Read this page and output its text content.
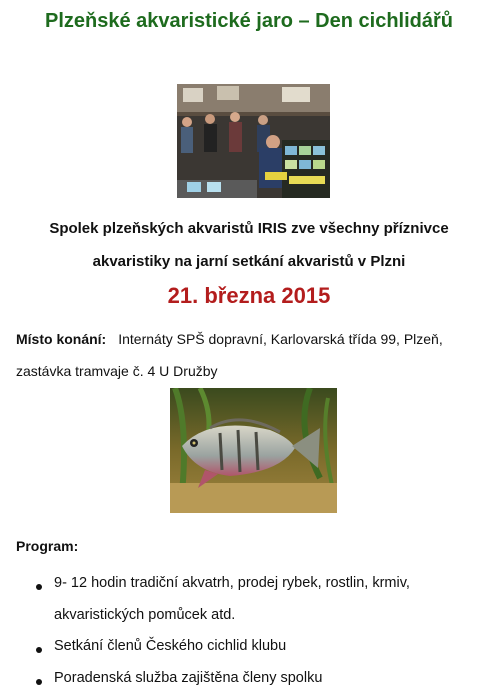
Plzeňské akvaristické jaro – Den cichlidářů
Spolek plzeňských akvaristů IRIS zve všechny příznivce
akvaristiky na jarní setkání akvaristů v Plzni
21. března 2015
Místo konání: Internáty SPŠ dopravní, Karlovarská třída 99, Plzeň,
zastávka tramvaje č. 4 U Družby
Program:
9- 12 hodin tradiční akvatrh, prodej rybek, rostlin, krmiv,
akvaristických pomůcek atd.
Setkání členů Českého cichlid klubu
Poradenská služba zajištěna členy spolku
